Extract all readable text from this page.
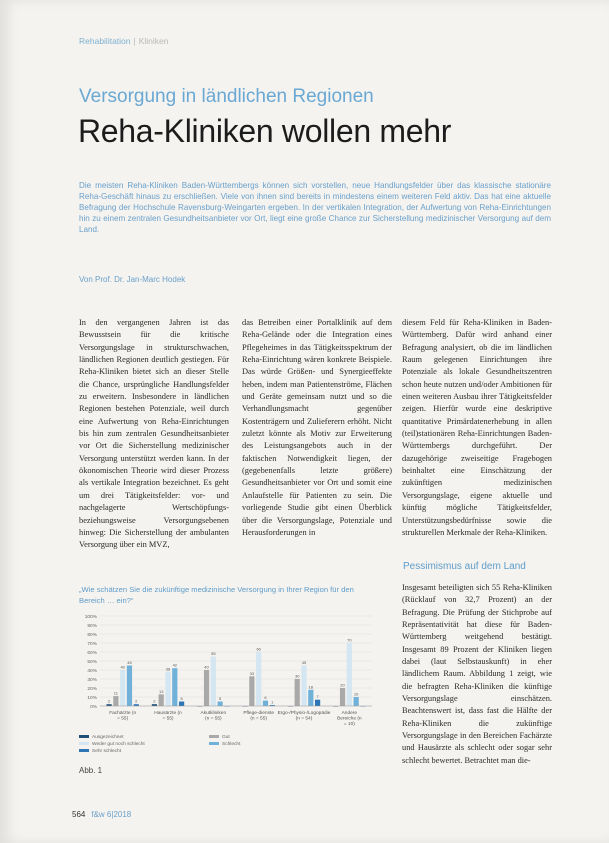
Rehabilitation | Kliniken
Versorgung in ländlichen Regionen
Reha-Kliniken wollen mehr
Die meisten Reha-Kliniken Baden-Württembergs können sich vorstellen, neue Handlungsfelder über das klassische stationäre Reha-Geschäft hinaus zu erschließen. Viele von ihnen sind bereits in mindestens einem weiteren Feld aktiv. Das hat eine aktuelle Befragung der Hochschule Ravensburg-Weingarten ergeben. In der vertikalen Integration, der Aufwertung von Reha-Einrichtungen hin zu einem zentralen Gesundheitsanbieter vor Ort, liegt eine große Chance zur Sicherstellung medizinischer Versorgung auf dem Land.
Von Prof. Dr. Jan-Marc Hodek
In den vergangenen Jahren ist das Bewusstsein für die kritische Versorgungslage in strukturschwachen, ländlichen Regionen deutlich gestiegen. Für Reha-Kliniken bietet sich an dieser Stelle die Chance, ursprüngliche Handlungsfelder zu erweitern. Insbesondere in ländlichen Regionen bestehen Potenziale, weil durch eine Aufwertung von Reha-Einrichtungen bis hin zum zentralen Gesundheitsanbieter vor Ort die Sicherstellung medizinischer Versorgung unterstützt werden kann. In der ökonomischen Theorie wird dieser Prozess als vertikale Integration bezeichnet. Es geht um drei Tätigkeitsfelder: vor- und nachgelagerte Wertschöpfungs- beziehungsweise Versorgungsebenen hinweg: Die Sicherstellung der ambulanten Versorgung über ein MVZ,
das Betreiben einer Portalklinik auf dem Reha-Gelände oder die Integration eines Pflegeheimes in das Tätigkeitsspektrum der Reha-Einrichtung wären konkrete Beispiele. Das würde Größen- und Synergieeffekte heben, indem man Patientenströme, Flächen und Geräte gemeinsam nutzt und so die Verhandlungsmacht gegenüber Kostenträgern und Zulieferern erhöht. Nicht zuletzt könnte als Motiv zur Erweiterung des Leistungsangebots auch in der faktischen Notwendigkeit liegen, der (gegebenenfalls letzte größere) Gesundheitsanbieter vor Ort und somit eine Anlaufstelle für Patienten zu sein. Die vorliegende Studie gibt einen Überblick über die Versorgungslage, Potenziale und Herausforderungen in
diesem Feld für Reha-Kliniken in Baden-Württemberg. Dafür wird anhand einer Befragung analysiert, ob die im ländlichen Raum gelegenen Einrichtungen ihre Potenziale als lokale Gesundheitszentren schon heute nutzen und/oder Ambitionen für einen weiteren Ausbau ihrer Tätigkeitsfelder zeigen. Hierfür wurde eine deskriptive quantitative Primärdatenerhebung in allen (teil)stationären Reha-Einrichtungen Baden-Württembergs durchgeführt. Der dazugehörige zweiseitige Fragebogen beinhaltet eine Einschätzung der zukünftigen medizinischen Versorgungslage, eigene aktuelle und künftig mögliche Tätigkeitsfelder, Unterstützungsbedürfnisse sowie die strukturellen Merkmale der Reha-Kliniken.
Pessimismus auf dem Land
Insgesamt beteiligten sich 55 Reha-Kliniken (Rücklauf von 32,7 Prozent) an der Befragung. Die Prüfung der Stichprobe auf Repräsentativität hat diese für Baden-Württemberg weitgehend bestätigt. Insgesamt 89 Prozent der Kliniken liegen dabei (laut Selbstauskunft) in eher ländlichem Raum. Abbildung 1 zeigt, wie die befragten Reha-Kliniken die künftige Versorgungslage einschätzen. Beachtenswert ist, dass fast die Hälfte der Reha-Kliniken die zukünftige Versorgungslage in den Bereichen Fachärzte und Hausärzte als schlecht oder sogar sehr schlecht bewertet. Betrachtet man die-
„Wie schätzen Sie die zukünftige medizinische Versorgung in Ihrer Region für den Bereich … ein?“
0%
10%
20%
30%
40%
50%
60%
70%
80%
90%
100%
2
11
40
45
2
Fachärzte (n
= 55)
2
13
38
42
5
Hausärzte (n
= 55)
40
55
5
Akutkliniken
(n = 55)
33
60
6
1
Pflege-dienste
(n = 55)
30
45
18
7
Ergo-/Physio-/Logopädie
(n = 54)
20
70
10
Andere
Bereiche (n
= 10)
Ausgezeichnet	Gut
Weder gut noch schlecht	Schlecht
Sehr schlecht
Abb. 1
564 f&w 6|2018
